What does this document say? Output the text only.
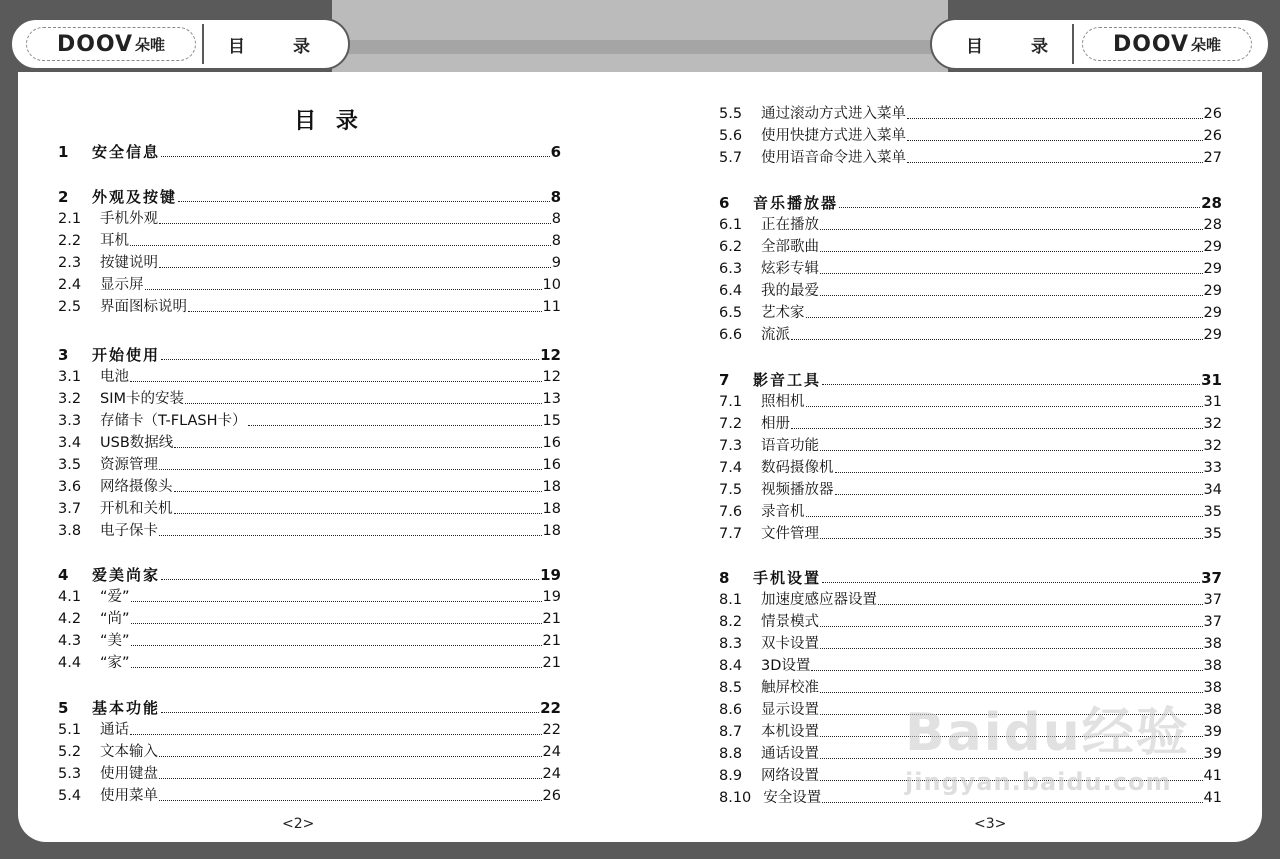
DOOV 朵唯	目	录	目	录	DOOV 朵唯
目 录
1	安全信息	6
2	外观及按键	8
2.1	手机外观	8
2.2	耳机	8
2.3	按键说明	9
2.4	显示屏	10
2.5	界面图标说明	11
3	开始使用	12
3.1	电池	12
3.2	SIM卡的安装	13
3.3	存储卡（T-FLASH卡）	15
3.4	USB数据线	16
3.5	资源管理	16
3.6	网络摄像头	18
3.7	开机和关机	18
3.8	电子保卡	18
4	爱美尚家	19
4.1	“爱”	19
4.2	“尚”	21
4.3	“美”	21
4.4	“家”	21
5	基本功能	22
5.1	通话	22
5.2	文本输入	24
5.3	使用键盘	24
5.4	使用菜单	26
5.5	通过滚动方式进入菜单	26
5.6	使用快捷方式进入菜单	26
5.7	使用语音命令进入菜单	27
6	音乐播放器	28
6.1	正在播放	28
6.2	全部歌曲	29
6.3	炫彩专辑	29
6.4	我的最爱	29
6.5	艺术家	29
6.6	流派	29
7	影音工具	31
7.1	照相机	31
7.2	相册	32
7.3	语音功能	32
7.4	数码摄像机	33
7.5	视频播放器	34
7.6	录音机	35
7.7	文件管理	35
8	手机设置	37
8.1	加速度感应器设置	37
8.2	情景模式	37
8.3	双卡设置	38
8.4	3D设置	38
8.5	触屏校准	38
8.6	显示设置	38
8.7	本机设置	39
8.8	通话设置	39
8.9	网络设置	41
8.10 安全设置	41
<2>	<3>
Baidu经验
jingyan.baidu.com
